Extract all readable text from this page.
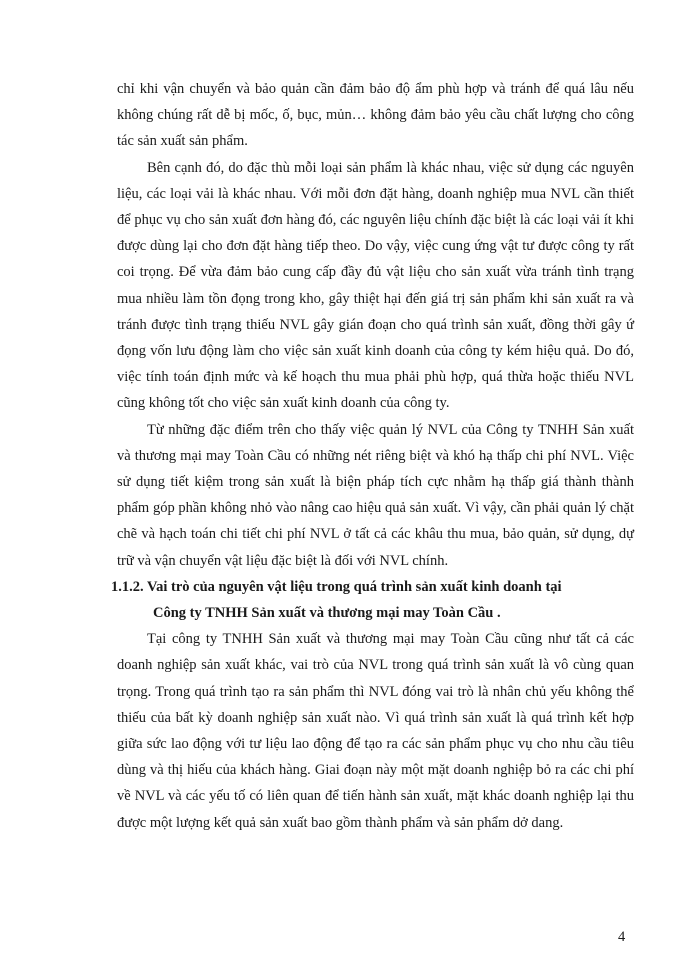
chỉ khi vận chuyển và bảo quản cần đảm bảo độ ẩm phù hợp và tránh để quá lâu nếu không chúng rất dễ bị mốc, ố, bục, mủn… không đảm bảo yêu cầu chất lượng cho công tác sản xuất sản phẩm.

Bên cạnh đó, do đặc thù mỗi loại sản phẩm là khác nhau, việc sử dụng các nguyên liệu, các loại vải là khác nhau. Với mỗi đơn đặt hàng, doanh nghiệp mua NVL cần thiết để phục vụ cho sản xuất đơn hàng đó, các nguyên liệu chính đặc biệt là các loại vải ít khi được dùng lại cho đơn đặt hàng tiếp theo. Do vậy, việc cung ứng vật tư được công ty rất coi trọng. Để vừa đảm bảo cung cấp đầy đủ vật liệu cho sản xuất vừa tránh tình trạng mua nhiều làm tồn đọng trong kho, gây thiệt hại đến giá trị sản phẩm khi sản xuất ra và tránh được tình trạng thiếu NVL gây gián đoạn cho quá trình sản xuất, đồng thời gây ứ đọng vốn lưu động làm cho việc sản xuất kinh doanh của công ty kém hiệu quả. Do đó, việc tính toán định mức và kế hoạch thu mua phải phù hợp, quá thừa hoặc thiếu NVL cũng không tốt cho việc sản xuất kinh doanh của công ty.

Từ những đặc điểm trên cho thấy việc quản lý NVL của Công ty TNHH Sản xuất và thương mại may Toàn Cầu có những nét riêng biệt và khó hạ thấp chi phí NVL. Việc sử dụng tiết kiệm trong sản xuất là biện pháp tích cực nhằm hạ thấp giá thành thành phẩm góp phần không nhỏ vào nâng cao hiệu quả sản xuất. Vì vậy, cần phải quản lý chặt chẽ và hạch toán chi tiết chi phí NVL ở tất cả các khâu thu mua, bảo quản, sử dụng, dự trữ và vận chuyển vật liệu đặc biệt là đối với NVL chính.

1.1.2. Vai trò của nguyên vật liệu trong quá trình sản xuất kinh doanh tại
Công ty TNHH Sản xuất và thương mại may Toàn Cầu .

Tại công ty TNHH Sản xuất và thương mại may Toàn Cầu cũng như tất cả các doanh nghiệp sản xuất khác, vai trò của NVL trong quá trình sản xuất là vô cùng quan trọng. Trong quá trình tạo ra sản phẩm thì NVL đóng vai trò là nhân chủ yếu không thể thiếu của bất kỳ doanh nghiệp sản xuất nào. Vì quá trình sản xuất là quá trình kết hợp giữa sức lao động với tư liệu lao động để tạo ra các sản phẩm phục vụ cho nhu cầu tiêu dùng và thị hiếu của khách hàng. Giai đoạn này một mặt doanh nghiệp bỏ ra các chi phí về NVL và các yếu tố có liên quan để tiến hành sản xuất, mặt khác doanh nghiệp lại thu được một lượng kết quả sản xuất bao gồm thành phẩm và sản phẩm dở dang.

4
